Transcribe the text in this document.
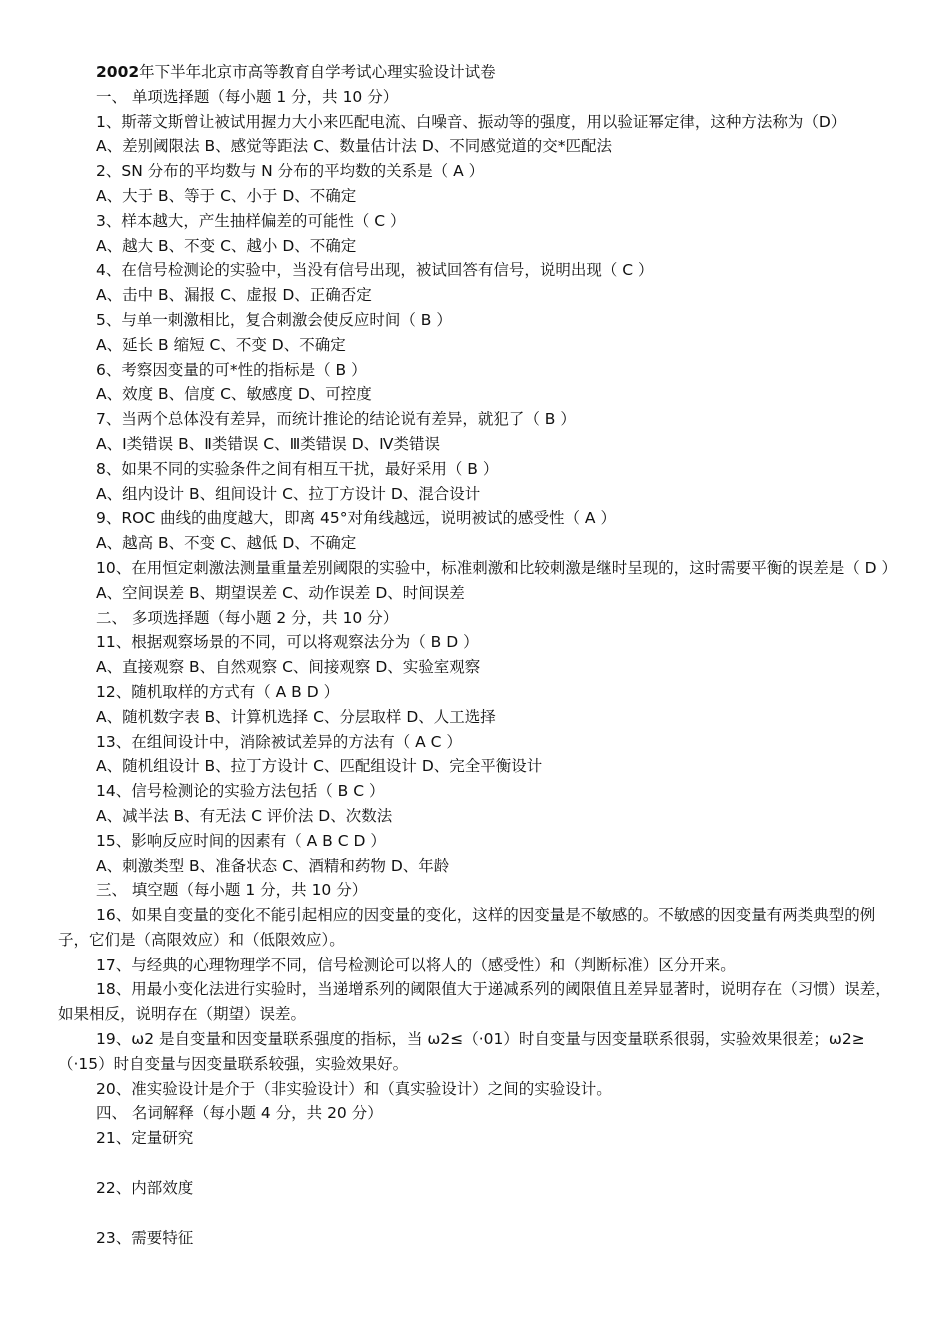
2002年下半年北京市高等教育自学考试心理实验设计试卷
一、 单项选择题（每小题 1 分，共 10 分）
1、斯蒂文斯曾让被试用握力大小来匹配电流、白噪音、振动等的强度，用以验证幂定律，这种方法称为（D）
A、差别阈限法 B、感觉等距法 C、数量估计法 D、不同感觉道的交*匹配法
2、SN 分布的平均数与 N 分布的平均数的关系是（ A ）
A、大于 B、等于 C、小于 D、不确定
3、样本越大，产生抽样偏差的可能性（ C ）
A、越大 B、不变 C、越小 D、不确定
4、在信号检测论的实验中，当没有信号出现，被试回答有信号，说明出现（ C ）
A、击中 B、漏报 C、虚报 D、正确否定
5、与单一刺激相比，复合刺激会使反应时间（ B ）
A、延长 B 缩短 C、不变 D、不确定
6、考察因变量的可*性的指标是（ B ）
A、效度 B、信度 C、敏感度 D、可控度
7、当两个总体没有差异，而统计推论的结论说有差异，就犯了（ B ）
A、Ⅰ类错误 B、Ⅱ类错误 C、Ⅲ类错误 D、Ⅳ类错误
8、如果不同的实验条件之间有相互干扰，最好采用（ B ）
A、组内设计 B、组间设计 C、拉丁方设计 D、混合设计
9、ROC 曲线的曲度越大，即离 45°对角线越远，说明被试的感受性（ A ）
A、越高 B、不变 C、越低 D、不确定
10、在用恒定刺激法测量重量差别阈限的实验中，标准刺激和比较刺激是继时呈现的，这时需要平衡的误差是（ D ）
A、空间误差 B、期望误差 C、动作误差 D、时间误差
二、 多项选择题（每小题 2 分，共 10 分）
11、根据观察场景的不同，可以将观察法分为（ B D ）
A、直接观察 B、自然观察 C、间接观察 D、实验室观察
12、随机取样的方式有（ A B D ）
A、随机数字表 B、计算机选择 C、分层取样 D、人工选择
13、在组间设计中，消除被试差异的方法有（ A C ）
A、随机组设计 B、拉丁方设计 C、匹配组设计 D、完全平衡设计
14、信号检测论的实验方法包括（ B C ）
A、减半法 B、有无法 C 评价法 D、次数法
15、影响反应时间的因素有（ A B C D ）
A、刺激类型 B、准备状态 C、酒精和药物 D、年龄
三、 填空题（每小题 1 分，共 10 分）
16、如果自变量的变化不能引起相应的因变量的变化，这样的因变量是不敏感的。不敏感的因变量有两类典型的例子，它们是（高限效应）和（低限效应）。
17、与经典的心理物理学不同，信号检测论可以将人的（感受性）和（判断标准）区分开来。
18、用最小变化法进行实验时，当递增系列的阈限值大于递减系列的阈限值且差异显著时，说明存在（习惯）误差，如果相反，说明存在（期望）误差。
19、ω2 是自变量和因变量联系强度的指标，当 ω2≤（·01）时自变量与因变量联系很弱，实验效果很差；ω2≥（·15）时自变量与因变量联系较强，实验效果好。
20、准实验设计是介于（非实验设计）和（真实验设计）之间的实验设计。
四、 名词解释（每小题 4 分，共 20 分）
21、定量研究
22、内部效度
23、需要特征
